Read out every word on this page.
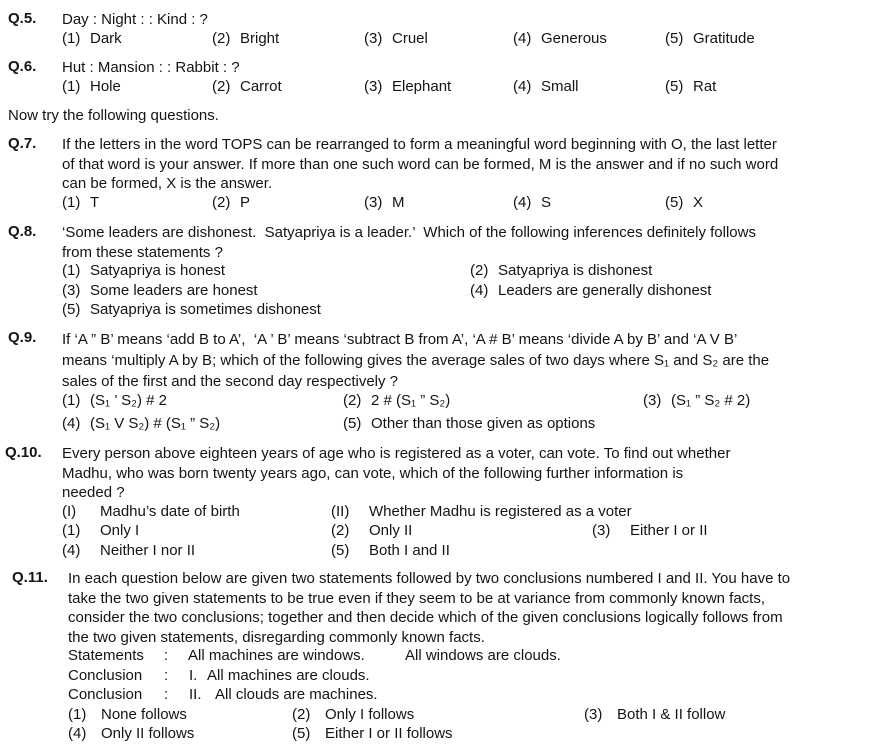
Q.5. Day : Night : : Kind : ?
(1) Dark	(2) Bright	(3) Cruel	(4) Generous	(5) Gratitude
Q.6. Hut : Mansion : : Rabbit : ?
(1) Hole	(2) Carrot	(3) Elephant	(4) Small	(5) Rat
Now try the following questions.
Q.7. If the letters in the word TOPS can be rearranged to form a meaningful word beginning with O, the last letter
of that word is your answer. If more than one such word can be formed, M is the answer and if no such word
can be formed, X is the answer.
(1) T	(2) P	(3) M	(4) S	(5) X
Q.8. ‘Some leaders are dishonest.  Satyapriya is a leader.’  Which of the following inferences definitely follows
from these statements ?
(1) Satyapriya is honest	(2) Satyapriya is dishonest
(3) Some leaders are honest	(4) Leaders are generally dishonest
(5) Satyapriya is sometimes dishonest
Q.9. If ‘A ” B’ means ‘add B to A’,  ‘A ’ B’ means ‘subtract B from A’, ‘A # B’ means ‘divide A by B’ and ‘A V B’
means ‘multiply A by B; which of the following gives the average sales of two days where S₁ and S₂ are the
sales of the first and the second day respectively ?
(1) (S₁ ’ S₂) # 2	(2) 2 # (S₁ ” S₂)	(3) (S₁ ” S₂ # 2)
(4) (S₁ V S₂) # (S₁ ” S₂)	(5) Other than those given as options
Q.10. Every person above eighteen years of age who is registered as a voter, can vote. To find out whether
Madhu, who was born twenty years ago, can vote, which of the following further information is
needed ?
(I) Madhu’s date of birth	(II) Whether Madhu is registered as a voter
(1) Only I	(2) Only II	(3) Either I or II
(4) Neither I nor II	(5) Both I and II
Q.11. In each question below are given two statements followed by two conclusions numbered I and II. You have to
take the two given statements to be true even if they seem to be at variance from commonly known facts,
consider the two conclusions; together and then decide which of the given conclusions logically follows from
the two given statements, disregarding commonly known facts.
Statements : All machines are windows.	All windows are clouds.
Conclusion : I. All machines are clouds.
Conclusion : II. All clouds are machines.
(1) None follows	(2) Only I follows	(3) Both I & II follow
(4) Only II follows	(5) Either I or II follows
